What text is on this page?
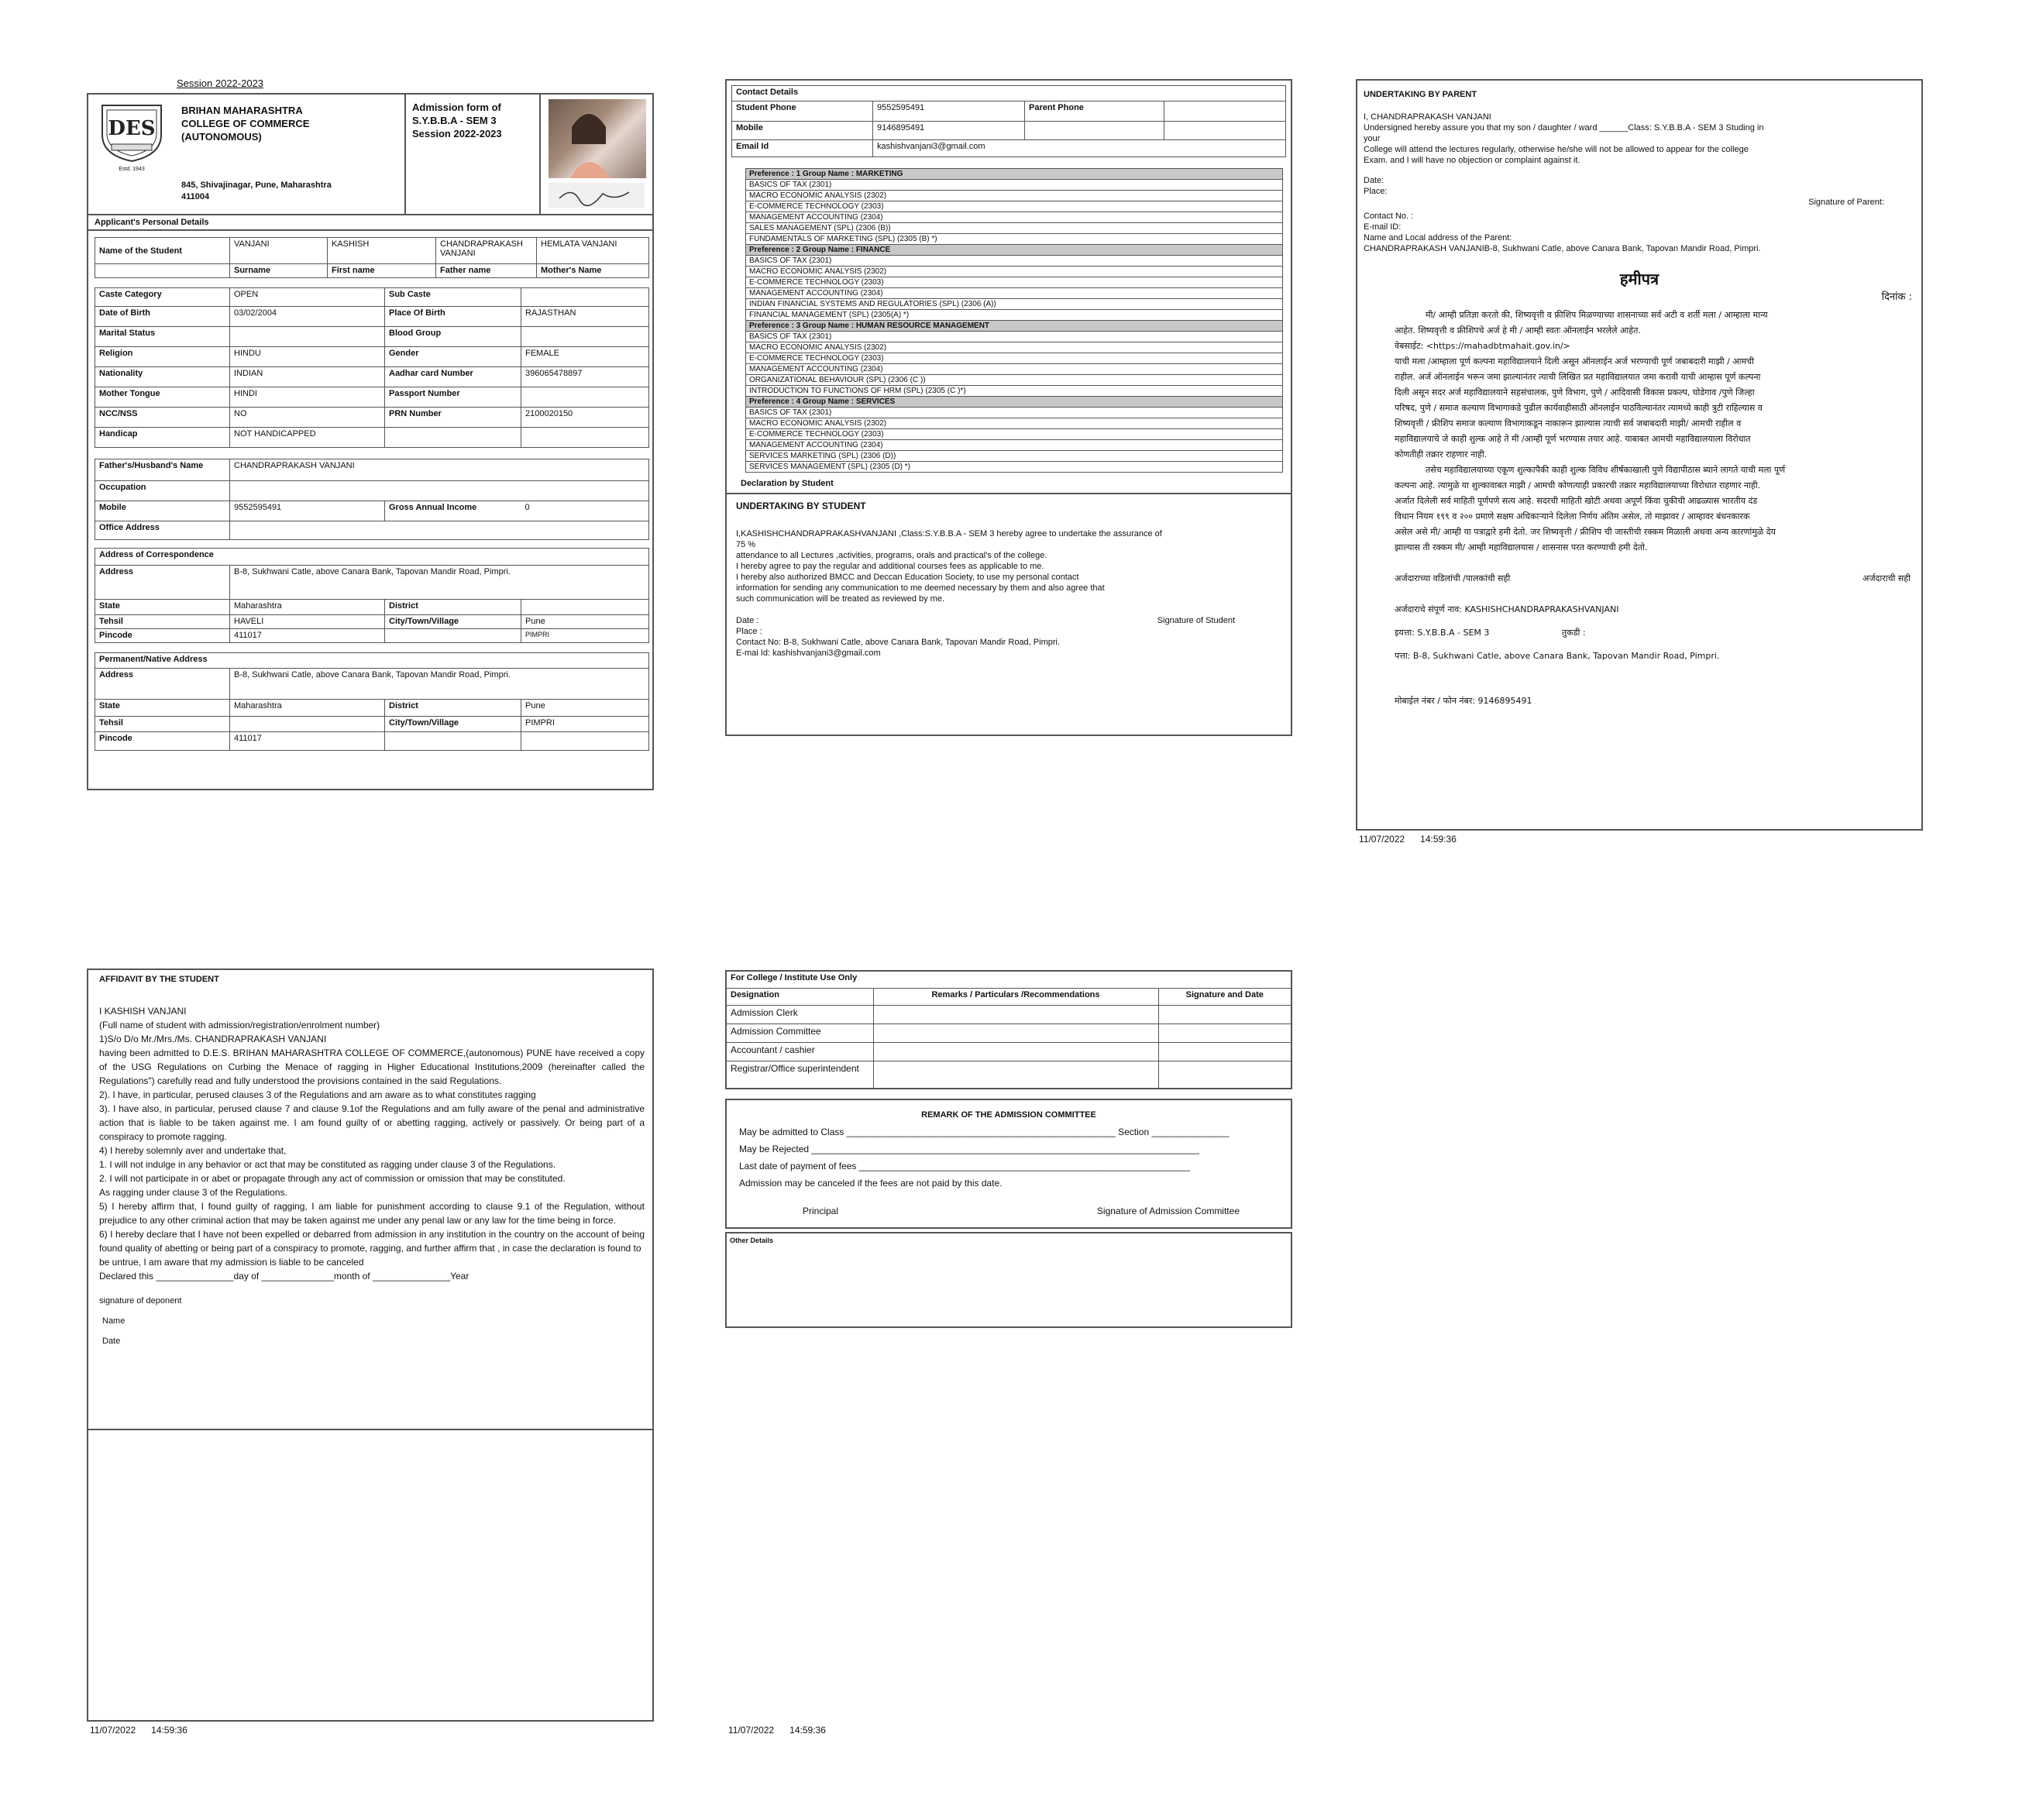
Session 2022-2023
DES
Estd. 1943
BRIHAN MAHARASHTRA
COLLEGE OF COMMERCE
(AUTONOMOUS)
845, Shivajinagar, Pune, Maharashtra
411004
Admission form of
S.Y.B.B.A - SEM 3
Session 2022-2023
Applicant's Personal Details
Name of the Student	VANJANI	KASHISH	CHANDRAPRAKASH VANJANI	HEMLATA VANJANI
	Surname	First name	Father name	Mother's Name
Caste Category	OPEN	Sub Caste	
Date of Birth	03/02/2004	Place Of Birth	RAJASTHAN
Marital Status		Blood Group	
Religion	HINDU	Gender	FEMALE
Nationality	INDIAN	Aadhar card Number	396065478897
Mother Tongue	HINDI	Passport Number	
NCC/NSS	NO	PRN Number	2100020150
Handicap	NOT HANDICAPPED		
Father's/Husband's Name	CHANDRAPRAKASH VANJANI		
Occupation			
Mobile	9552595491	Gross Annual Income	0
Office Address			
Address of Correspondence			
Address	B-8, Sukhwani Catle, above Canara Bank, Tapovan Mandir Road, Pimpri.		
State	Maharashtra	District	
Tehsil	HAVELI	City/Town/Village	Pune
Pincode	411017		PIMPRI
Permanent/Native Address			
Address	B-8, Sukhwani Catle, above Canara Bank, Tapovan Mandir Road, Pimpri.		
State	Maharashtra	District	Pune
Tehsil		City/Town/Village	PIMPRI
Pincode	411017		
Contact Details			
Student Phone	9552595491	Parent Phone	
Mobile	9146895491		
Email Id	kashishvanjani3@gmail.com		
Preference : 1 Group Name : MARKETING
BASICS OF TAX (2301)
MACRO ECONOMIC ANALYSIS (2302)
E-COMMERCE TECHNOLOGY (2303)
MANAGEMENT ACCOUNTING (2304)
SALES MANAGEMENT (SPL) (2306 (B))
FUNDAMENTALS OF MARKETING (SPL) (2305 (B) *)
Preference : 2 Group Name : FINANCE
BASICS OF TAX (2301)
MACRO ECONOMIC ANALYSIS (2302)
E-COMMERCE TECHNOLOGY (2303)
MANAGEMENT ACCOUNTING (2304)
INDIAN FINANCIAL SYSTEMS AND REGULATORIES (SPL) (2306 (A))
FINANCIAL MANAGEMENT (SPL) (2305(A) *)
Preference : 3 Group Name : HUMAN RESOURCE MANAGEMENT
BASICS OF TAX (2301)
MACRO ECONOMIC ANALYSIS (2302)
E-COMMERCE TECHNOLOGY (2303)
MANAGEMENT ACCOUNTING (2304)
ORGANIZATIONAL BEHAVIOUR (SPL) (2306 (C ))
INTRODUCTION TO FUNCTIONS OF HRM (SPL) (2305 (C )*)
Preference : 4 Group Name : SERVICES
BASICS OF TAX (2301)
MACRO ECONOMIC ANALYSIS (2302)
E-COMMERCE TECHNOLOGY (2303)
MANAGEMENT ACCOUNTING (2304)
SERVICES MARKETING (SPL) (2306 (D))
SERVICES MANAGEMENT (SPL) (2305 (D) *)
Declaration by Student
UNDERTAKING BY STUDENT
I,KASHISHCHANDRAPRAKASHVANJANI ,Class:S.Y.B.B.A - SEM 3 hereby agree to undertake the assurance of
75 %
attendance to all Lectures ,activities, programs, orals and practical's of the college.
I hereby agree to pay the regular and additional courses fees as applicable to me.
I hereby also authorized BMCC and Deccan Education Society, to use my personal contact
information for sending any communication to me deemed necessary by them and also agree that
such communication will be treated as reviewed by me.
Date :
Place :
Signature of Student
Contact No: B-8, Sukhwani Catle, above Canara Bank, Tapovan Mandir Road, Pimpri.
E-mai Id: kashishvanjani3@gmail.com
UNDERTAKING BY PARENT
I, CHANDRAPRAKASH VANJANI
Undersigned hereby assure you that my son / daughter / ward ______Class: S.Y.B.B.A - SEM 3 Studing in
your
College will attend the lectures regularly, otherwise he/she will not be allowed to appear for the college
Exam. and I will have no objection or complaint against it.
Date:
Place:
Signature of Parent:
Contact No. :
E-mail ID:
Name and Local address of the Parent:
CHANDRAPRAKASH VANJANIB-8, Sukhwani Catle, above Canara Bank, Tapovan Mandir Road, Pimpri.
हमीपत्र
दिनांक :
मी/ आम्ही प्रतिज्ञा करतो की, शिष्यवृत्ती व फ्रीशिप मिळण्याच्या शासनाच्या सर्व अटी व शर्ती मला / आम्हाला मान्य
आहेत. शिष्यवृत्ती व फ्रीशिपचे अर्ज हे मी / आम्ही स्वतः ऑनलाईन भरलेले आहेत.
वेबसाईट: <https://mahadbtmahait.gov.in/>
याची मला /आम्हाला पूर्ण कल्पना महाविद्यालयाने दिली असून ऑनलाईन अर्ज भरण्याची पूर्ण जबाबदारी माझी / आमची
राहील. अर्ज ऑनलाईन भरून जमा झाल्यानंतर त्याची लिखित प्रत महाविद्यालयात जमा करावी याची आम्हास पूर्ण कल्पना
दिली असून सदर अर्ज महाविद्यालयाने सहसंचालक, पुणे विभाग, पुणे / आदिवासी विकास प्रकल्प, घोडेगाव /पुणे जिल्हा
परिषद, पुणे / समाज कल्याण विभागाकडे पुढील कार्यवाहीसाठी ऑनलाईन पाठविल्यानंतर त्यामध्ये काही त्रुटी राहिल्यास व
शिष्यवृत्ती / फ्रीशिप समाज कल्याण विभागाकडून नाकारून झाल्यास त्याची सर्व जबाबदारी माझी/ आमची राहील व
महाविद्यालयाचे जे काही शुल्क आहे ते मी /आम्ही पूर्ण भरण्यास तयार आहे. याबाबत आमची महाविद्यालयाला विरोधात
कोणतीही तक्रार राहणार नाही.
तसेच महाविद्यालयाच्या एकूण शुल्कापैकी काही शुल्क विविध शीर्षकाखाली पुणे विद्यापीठास ब्याने लागते याची मला पूर्ण
कल्पना आहे. त्यामुळे या शुल्कावाबत माझी / आमची कोणत्याही प्रकारची तक्रार महाविद्यालयाच्या विरोधात राहणार नाही.
अर्जात दिलेली सर्व माहिती पूर्णपणे सत्य आहे. सदरची माहिती खोटी अथवा अपूर्ण किंवा चुकीची आढळ्यास भारतीय दंड
विधान नियम १९९ व २०० प्रमाणे सक्षम अधिकाऱ्याने दिलेला निर्णय अंतिम असेल, तो माझावर / आम्हावर बंधनकारक
असेल असे मी/ आम्ही या पत्राद्वारे हमी देतो. जर शिष्यवृत्ती / फ्रीशिप ची जास्तीची रक्कम मिळाली अथवा अन्य कारणांमुळे देय
झाल्यास ती रक्कम मी/ आम्ही महाविद्यालयास / शासनास परत करण्याची हमी देतो.
अर्जदाराच्या वडिलांची /पालकांची सही	अर्जदाराची सही
अर्जदाराचे संपूर्ण नाव: KASHISHCHANDRAPRAKASHVANJANI
इयत्ता: S.Y.B.B.A - SEM 3	तुकडी :
पत्ता: B-8, Sukhwani Catle, above Canara Bank, Tapovan Mandir Road, Pimpri.
मोबाईल नंबर / फोन नंबर: 9146895491
11/07/2022      14:59:36
AFFIDAVIT BY THE STUDENT
I KASHISH VANJANI
(Full name of student with admission/registration/enrolment number)
1)S/o D/o Mr./Mrs./Ms. CHANDRAPRAKASH VANJANI
having been admitted to D.E.S. BRIHAN MAHARASHTRA COLLEGE OF COMMERCE,(autonomous) PUNE have received a copy of the USG Regulations on Curbing the Menace of ragging in Higher Educational Institutions,2009 (hereinafter called the Regulations") carefully read and fully understood the provisions contained in the said Regulations.
2). I have, in particular, perused clauses 3 of the Regulations and am aware as to what constitutes ragging
3). I have also, in particular, perused clause 7 and clause 9.1of the Regulations and am fully aware of the penal and administrative action that is liable to be taken against me. I am found guilty of or abetting ragging, actively or passively. Or being part of a conspiracy to promote ragging.
4) I hereby solemnly aver and undertake that,
1. I will not indulge in any behavior or act that may be constituted as ragging under clause 3 of the Regulations.
2. I will not participate in or abet or propagate through any act of commission or omission that may be constituted.
As ragging under clause 3 of the Regulations.
5) I hereby affirm that, I found guilty of ragging, I am liable for punishment according to clause 9.1 of the Regulation, without prejudice to any other criminal action that may be taken against me under any penal law or any law for the time being in force.
6) I hereby declare that I have not been expelled or debarred from admission in any institution in the country on the account of being found quality of abetting or being part of a conspiracy to promote, ragging, and further affirm that , in case the declaration is found to
be untrue, I am aware that my admission is liable to be canceled
Declared this _______________day of ______________month of _______________Year
signature of deponent
Name
Date
11/07/2022      14:59:36
For College / Institute Use Only		
Designation	Remarks / Particulars /Recommendations	Signature and Date
Admission Clerk		
Admission Committee		
Accountant / cashier		
Registrar/Office superintendent		
REMARK OF THE ADMISSION COMMITTEE
May be admitted to Class ____________________________________________________ Section _______________
May be Rejected ___________________________________________________________________________
Last date of payment of fees ________________________________________________________________
Admission may be canceled if the fees are not paid by this date.
Principal	Signature of Admission Committee
Other Details
11/07/2022      14:59:36
